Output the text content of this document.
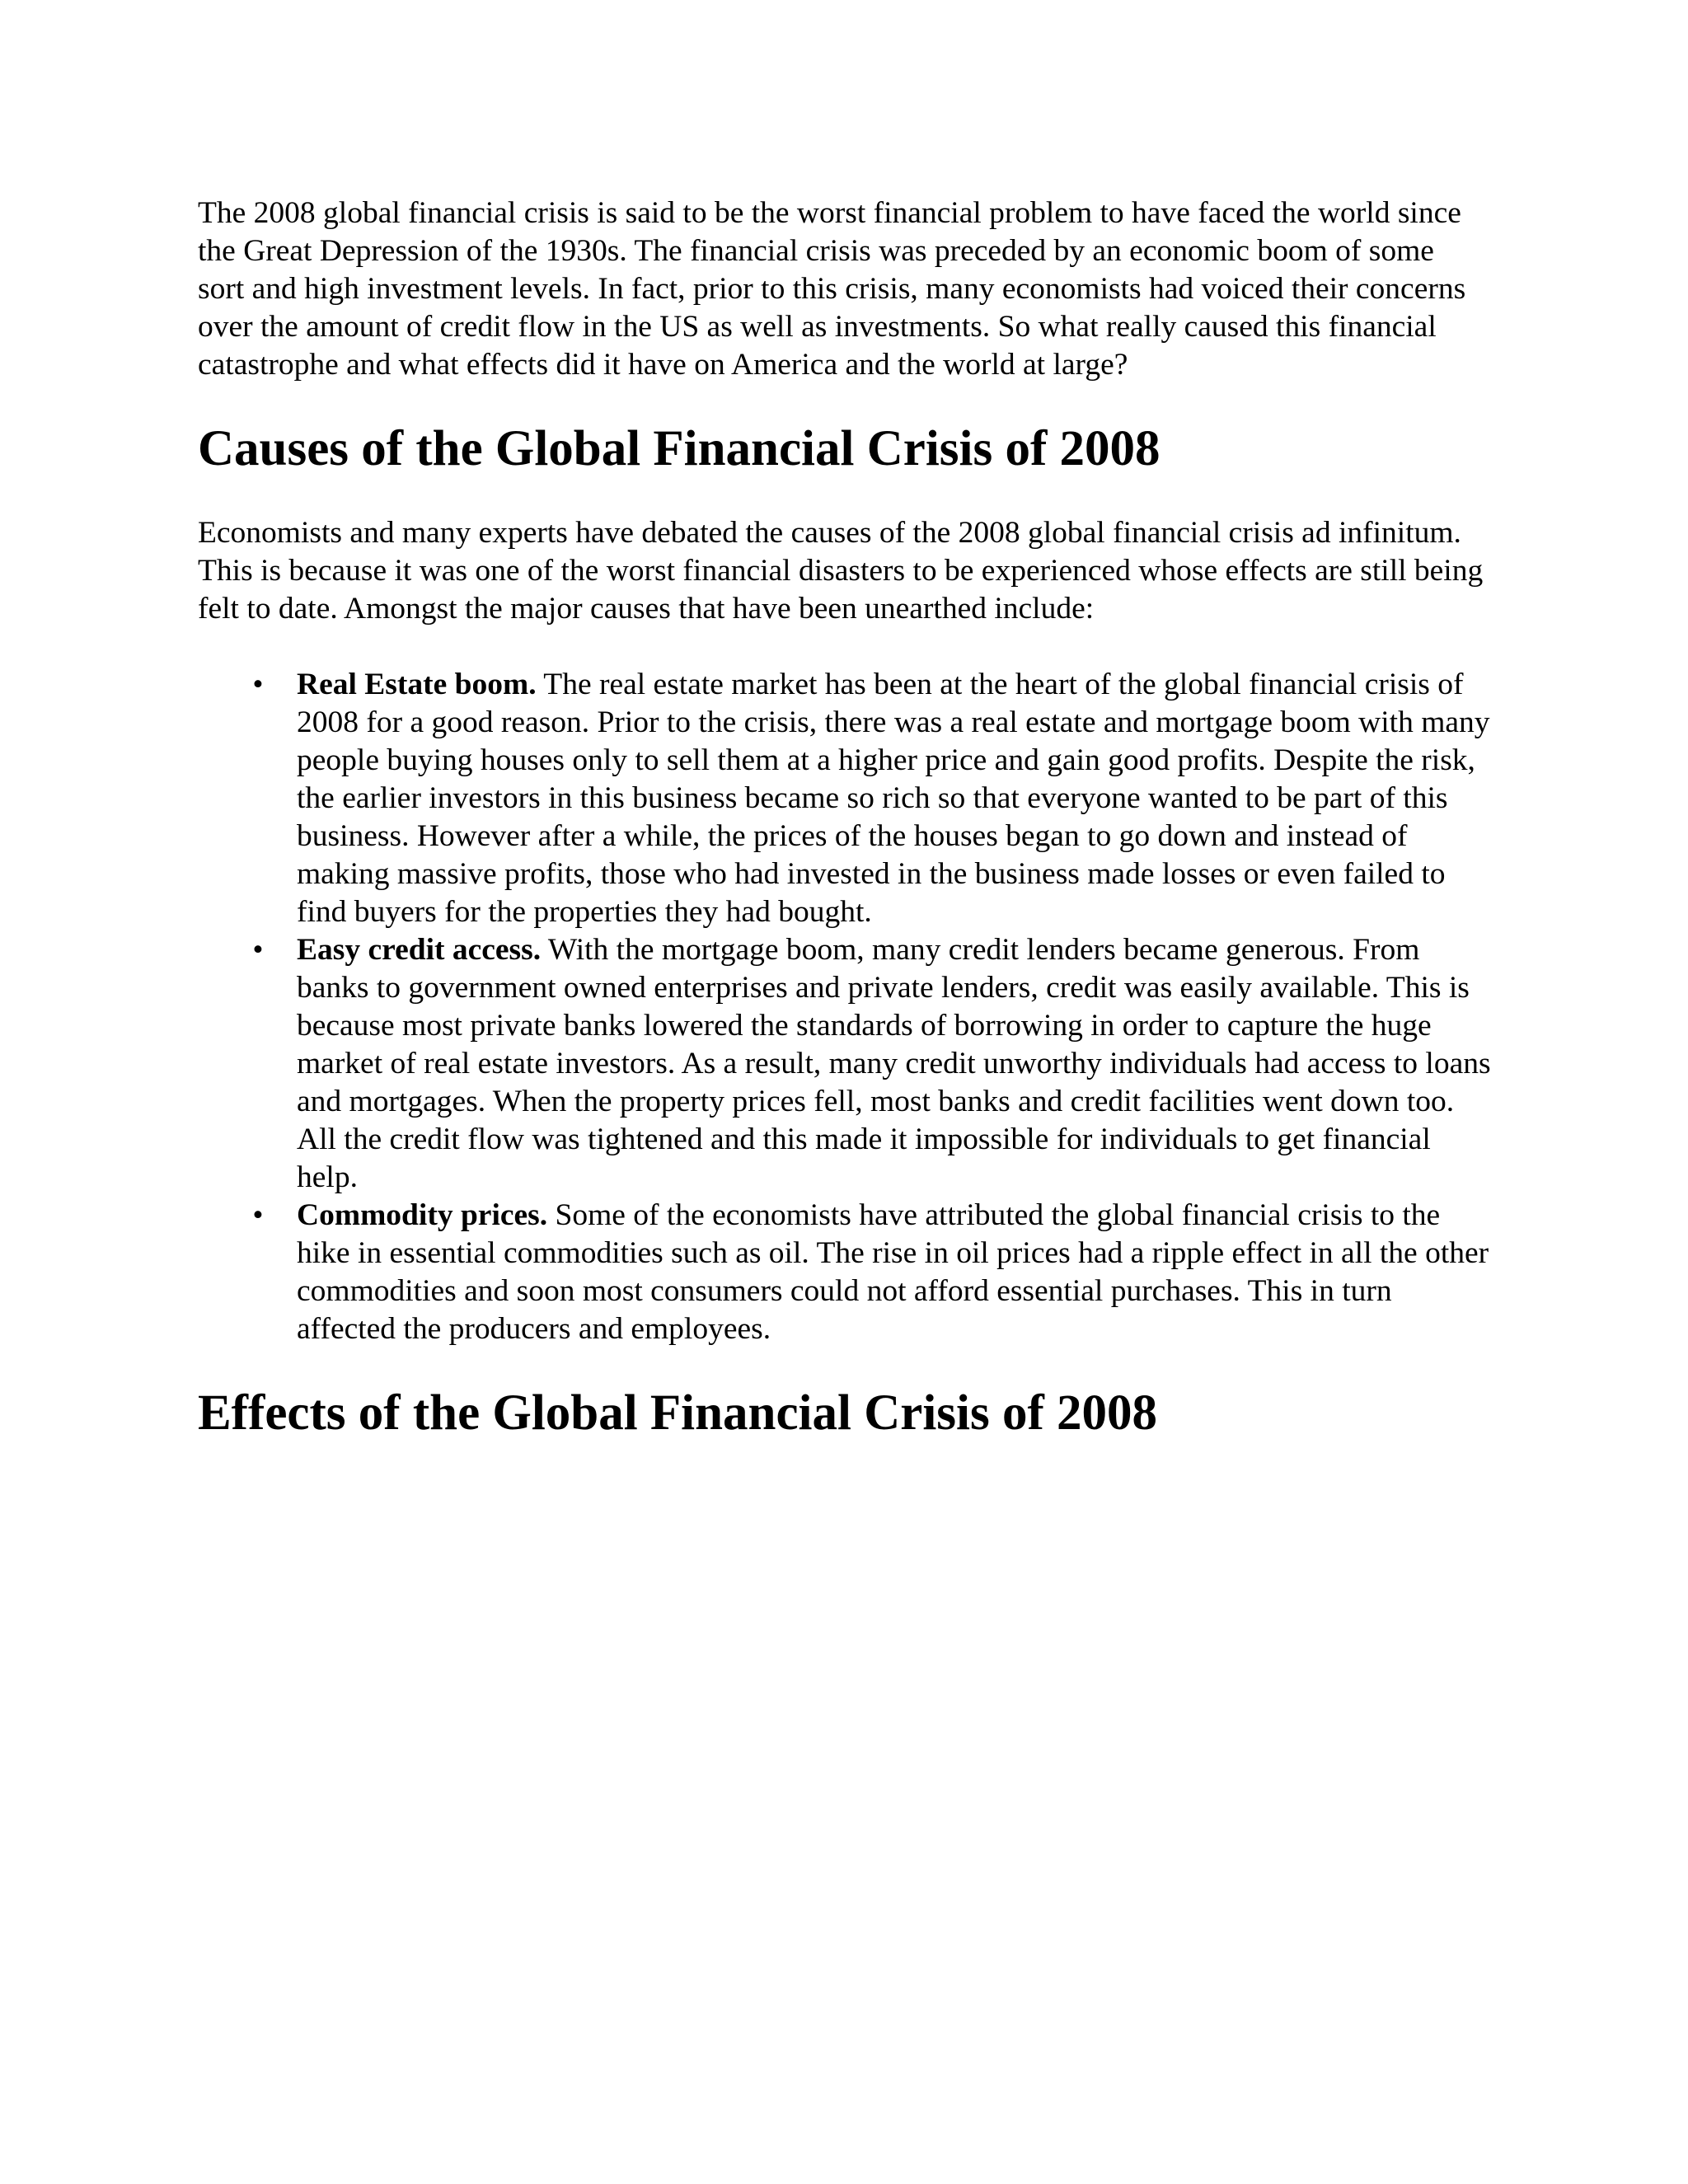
The 2008 global financial crisis is said to be the worst financial problem to have faced the world since the Great Depression of the 1930s. The financial crisis was preceded by an economic boom of some sort and high investment levels. In fact, prior to this crisis, many economists had voiced their concerns over the amount of credit flow in the US as well as investments. So what really caused this financial catastrophe and what effects did it have on America and the world at large?

Causes of the Global Financial Crisis of 2008

Economists and many experts have debated the causes of the 2008 global financial crisis ad infinitum. This is because it was one of the worst financial disasters to be experienced whose effects are still being felt to date. Amongst the major causes that have been unearthed include:

• Real Estate boom. The real estate market has been at the heart of the global financial crisis of 2008 for a good reason. Prior to the crisis, there was a real estate and mortgage boom with many people buying houses only to sell them at a higher price and gain good profits. Despite the risk, the earlier investors in this business became so rich so that everyone wanted to be part of this business. However after a while, the prices of the houses began to go down and instead of making massive profits, those who had invested in the business made losses or even failed to find buyers for the properties they had bought.
• Easy credit access. With the mortgage boom, many credit lenders became generous. From banks to government owned enterprises and private lenders, credit was easily available. This is because most private banks lowered the standards of borrowing in order to capture the huge market of real estate investors. As a result, many credit unworthy individuals had access to loans and mortgages. When the property prices fell, most banks and credit facilities went down too. All the credit flow was tightened and this made it impossible for individuals to get financial help.
• Commodity prices. Some of the economists have attributed the global financial crisis to the hike in essential commodities such as oil. The rise in oil prices had a ripple effect in all the other commodities and soon most consumers could not afford essential purchases. This in turn affected the producers and employees.
Effects of the Global Financial Crisis of 2008
